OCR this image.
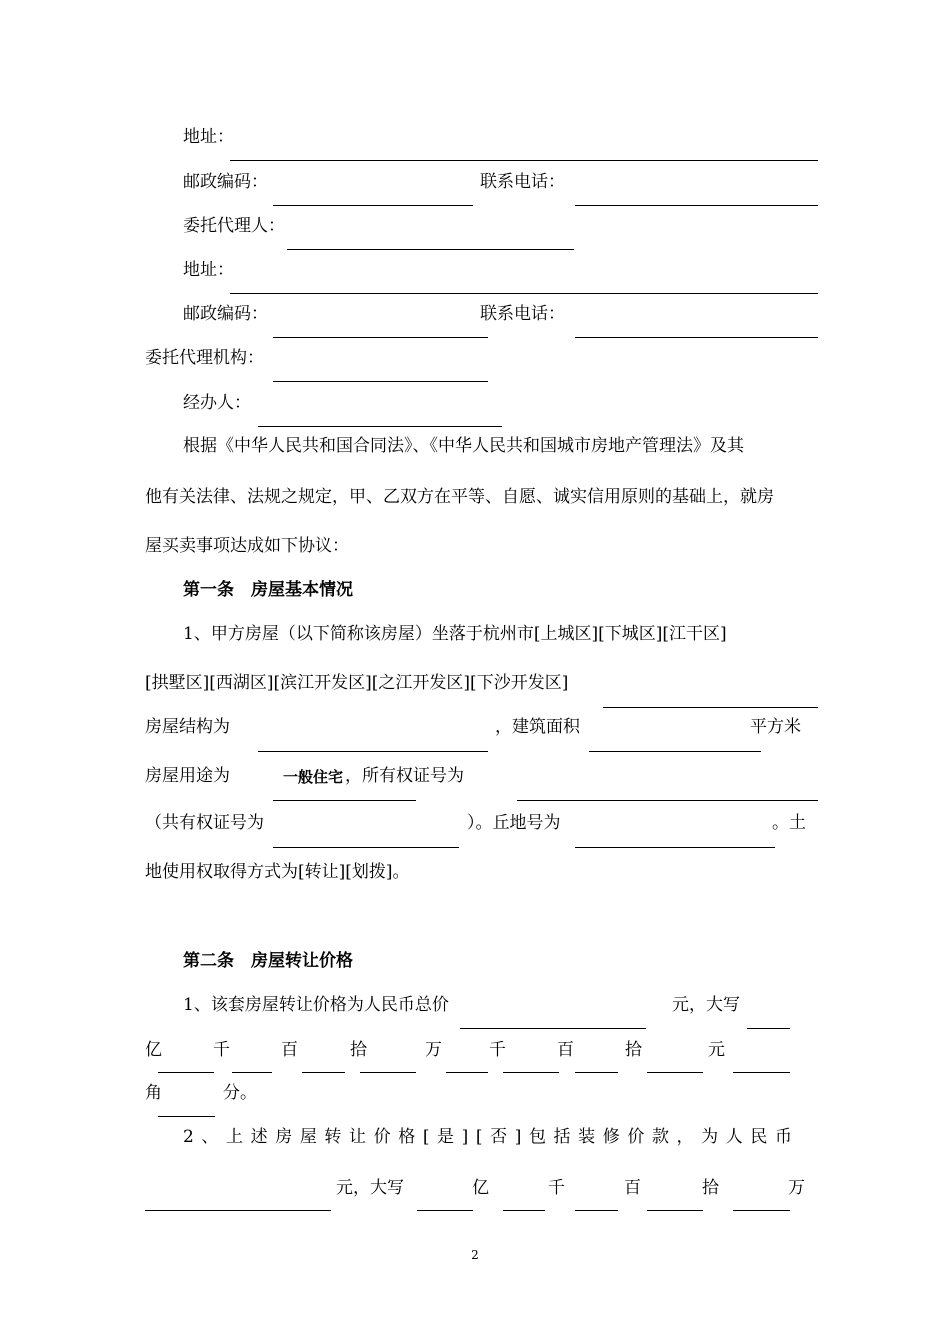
地址：
邮政编码：	联系电话：
委托代理人：
地址：
邮政编码：	联系电话：
委托代理机构：
经办人：
根据《中华人民共和国合同法》、《中华人民共和国城市房地产管理法》及其
他有关法律、法规之规定，甲、乙双方在平等、自愿、诚实信用原则的基础上，就房
屋买卖事项达成如下协议：
第一条　房屋基本情况
1、甲方房屋（以下简称该房屋）坐落于杭州市[上城区][下城区][江干区]
[拱墅区][西湖区][滨江开发区][之江开发区][下沙开发区]
房屋结构为	，建筑面积	平方米
房屋用途为	一般住宅 ，所有权证号为
（共有权证号为	）。丘地号为	。土
地使用权取得方式为[转让][划拨]。
第二条　房屋转让价格
1、该套房屋转让价格为人民币总价	元，大写
亿	千	百	拾	万	千	百	拾	元
角	分。
2、上述房屋转让价格[是][否]包括装修价款，为人民币
元，大写	亿	千	百	拾	万
2
